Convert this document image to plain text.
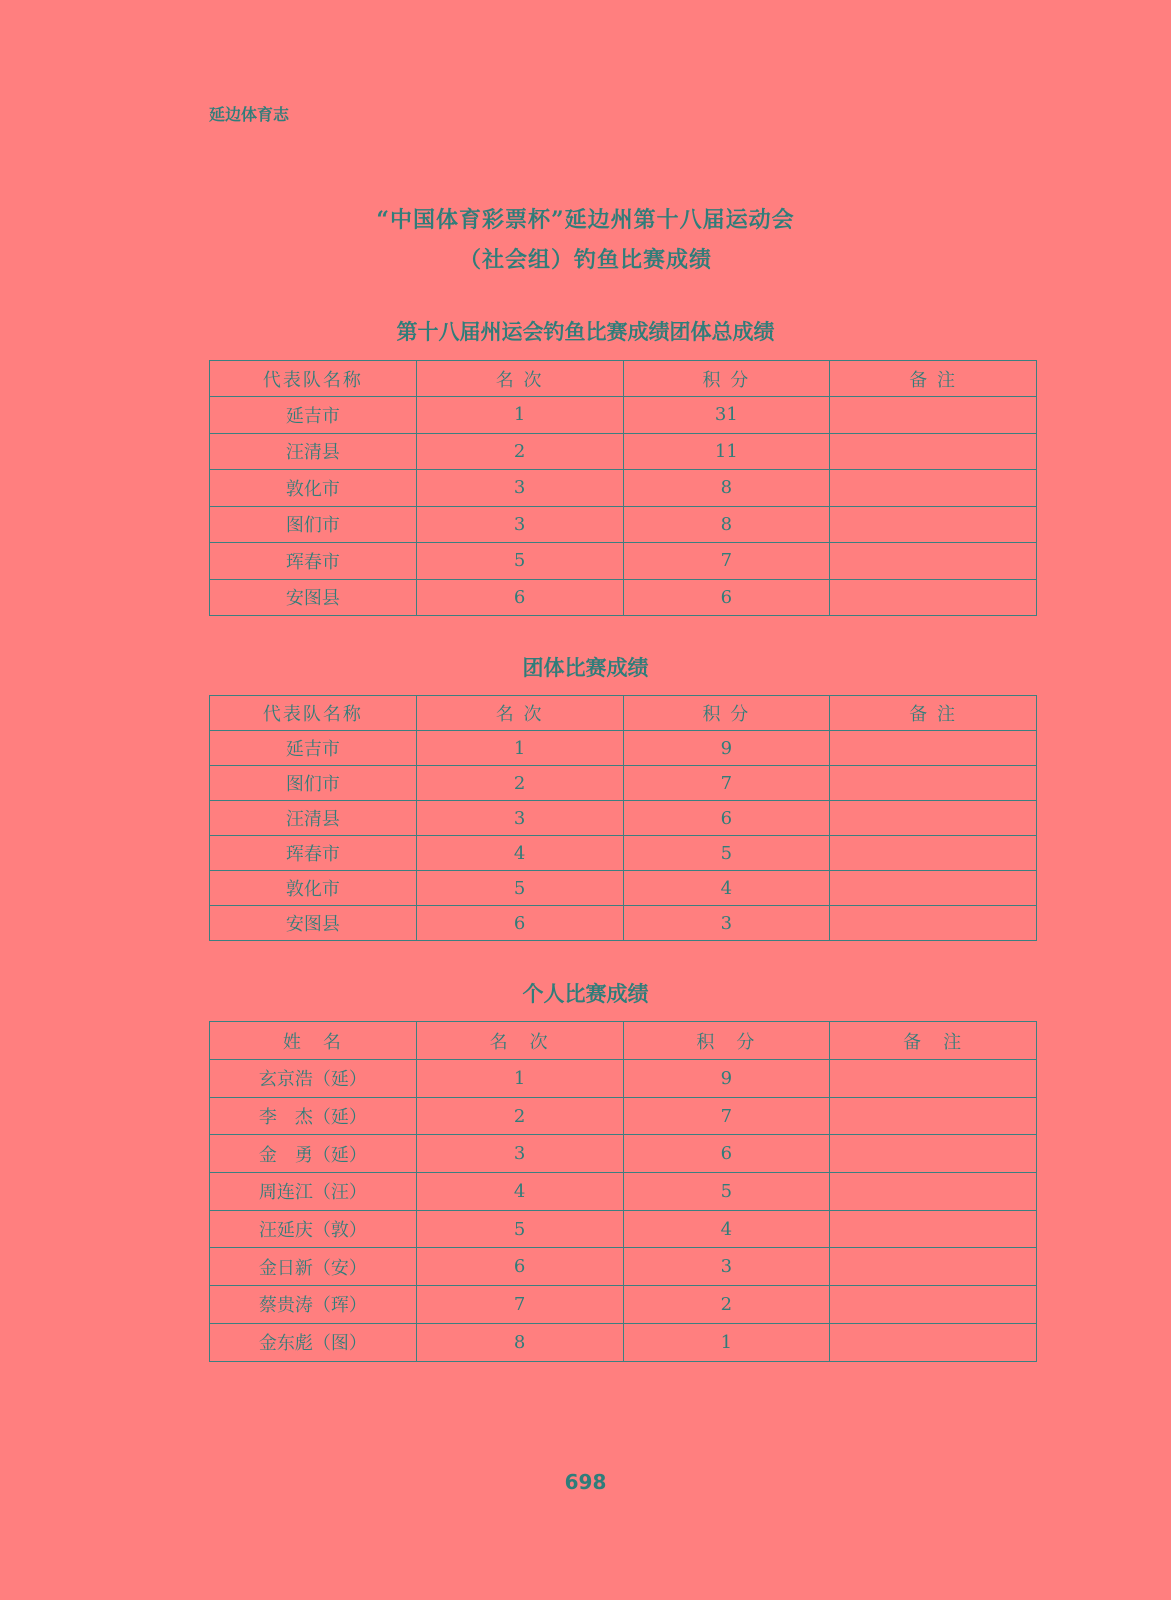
延边体育志
“中国体育彩票杯”延边州第十八届运动会
（社会组）钓鱼比赛成绩
第十八届州运会钓鱼比赛成绩团体总成绩
代表队名称	名 次	积 分	备 注
延吉市	1	31	
汪清县	2	11	
敦化市	3	8	
图们市	3	8	
珲春市	5	7	
安图县	6	6	
团体比赛成绩
代表队名称	名 次	积 分	备 注
延吉市	1	9	
图们市	2	7	
汪清县	3	6	
珲春市	4	5	
敦化市	5	4	
安图县	6	3	
个人比赛成绩
姓　名	名　次	积　分	备　注
玄京浩（延）	1	9	
李　杰（延）	2	7	
金　勇（延）	3	6	
周连江（汪）	4	5	
汪延庆（敦）	5	4	
金日新（安）	6	3	
蔡贵涛（珲）	7	2	
金东彪（图）	8	1	
698
